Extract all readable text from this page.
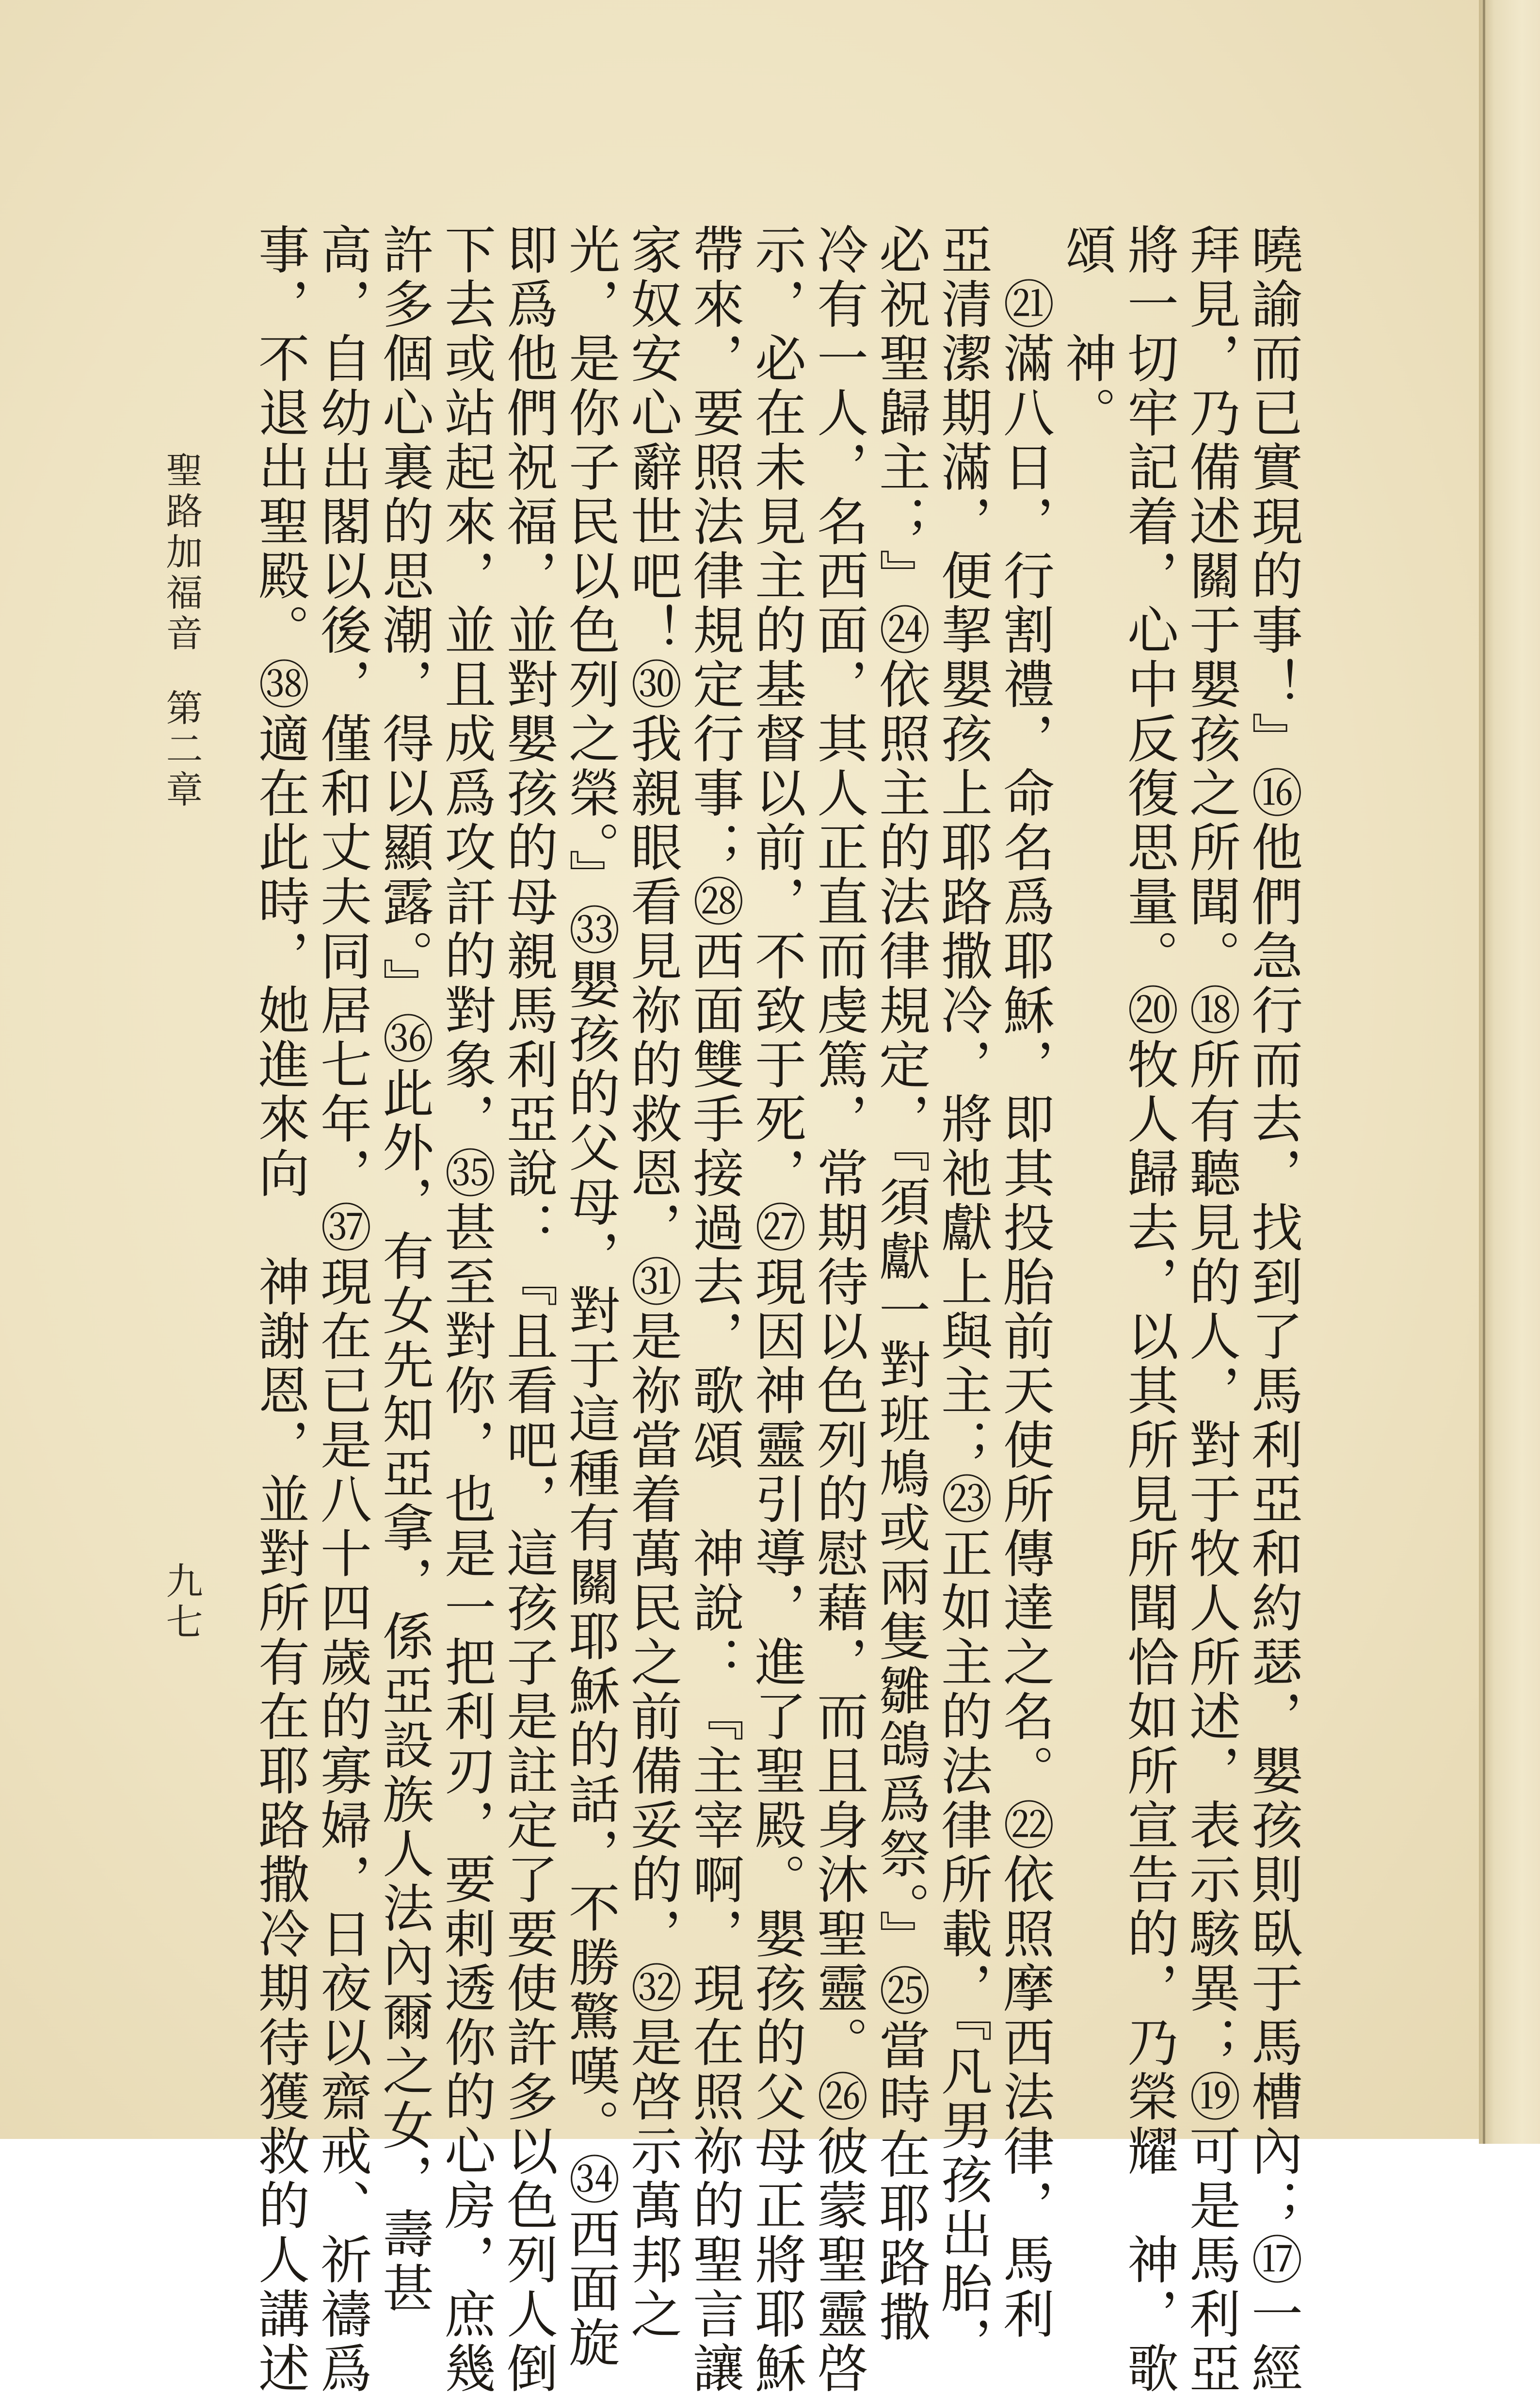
曉諭而已實現的事！』⑯他們急行而去，找到了馬利亞和約瑟，嬰孩則臥于馬槽內；⑰一經
拜見，乃備述關于嬰孩之所聞。⑱所有聽見的人，對于牧人所述，表示駭異；⑲可是馬利亞
將一切牢記着，心中反復思量。⑳牧人歸去，以其所見所聞恰如所宣告的，乃榮耀　神，歌
頌　神。
　㉑滿八日，行割禮，命名爲耶穌，即其投胎前天使所傳達之名。㉒依照摩西法律，馬利
亞清潔期滿，便挈嬰孩上耶路撒冷，將祂獻上與主；㉓正如主的法律所載，『凡男孩出胎，
必祝聖歸主；』㉔依照主的法律規定，『須獻一對班鳩或兩隻雛鴿爲祭。』㉕當時在耶路撒
冷有一人，名西面，其人正直而虔篤，常期待以色列的慰藉，而且身沐聖靈。㉖彼蒙聖靈啓
示，必在未見主的基督以前，不致于死，㉗現因神靈引導，進了聖殿。嬰孩的父母正將耶穌
帶來，要照法律規定行事；㉘西面雙手接過去，歌頌　神說：『主宰啊，現在照祢的聖言讓
家奴安心辭世吧！㉚我親眼看見祢的救恩，㉛是祢當着萬民之前備妥的，㉜是啓示萬邦之
光，是你子民以色列之榮。』㉝嬰孩的父母，對于這種有關耶穌的話，不勝驚嘆。㉞西面旋
即爲他們祝福，並對嬰孩的母親馬利亞說：『且看吧，這孩子是註定了要使許多以色列人倒
下去或站起來，並且成爲攻訐的對象，㉟甚至對你，也是一把利刃，要剌透你的心房，庶幾
許多個心裏的思潮，得以顯露。』㊱此外，有女先知亞拿，係亞設族人法內爾之女，壽甚
高，自幼出閣以後，僅和丈夫同居七年，㊲現在已是八十四歲的寡婦，日夜以齋戒、祈禱爲
事，不退出聖殿。㊳適在此時，她進來向　神謝恩，並對所有在耶路撒冷期待獲救的人講述
聖路加福音
第二章
九七
